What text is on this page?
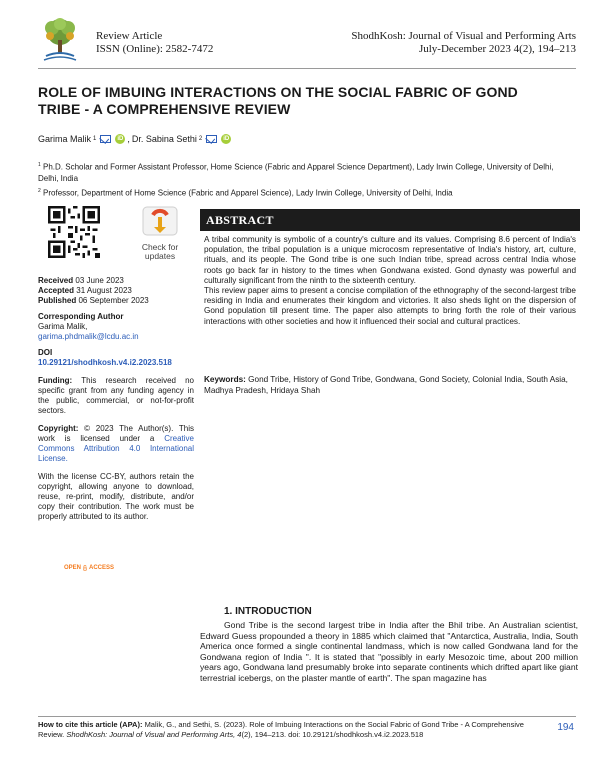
Review Article
ISSN (Online): 2582-7472
ShodhKosh: Journal of Visual and Performing Arts
July-December 2023 4(2), 194–213
ROLE OF IMBUING INTERACTIONS ON THE SOCIAL FABRIC OF GOND TRIBE - A COMPREHENSIVE REVIEW
Garima Malik 1	iD , Dr. Sabina Sethi 2	iD

$^1$ Ph.D. Scholar and Former Assistant Professor, Home Science (Fabric and Apparel Science Department), Lady Irwin College, University of Delhi, Delhi, India

$^2$ Professor, Department of Home Science (Fabric and Apparel Science), Lady Irwin College, University of Delhi, India

Check for
updates
Received 03 June 2023
Accepted 31 August 2023
Published 06 September 2023
Corresponding Author
Garima Malik,
garima.phdmalik@lcdu.ac.in
DOI
10.29121/shodhkosh.v4.i2.2023.518
Funding: This research received no specific grant from any funding agency in the public, commercial, or not-for-profit sectors.
Copyright: © 2023 The Author(s). This work is licensed under a Creative Commons Attribution 4.0 International License.
With the license CC-BY, authors retain the copyright, allowing anyone to download, reuse, re-print, modify, distribute, and/or copy their contribution. The work must be properly attributed to its author.
OPEN ACCESS
ABSTRACT

A tribal community is symbolic of a country's culture and its values. Comprising 8.6 percent of India's population, the tribal population is a unique microcosm representative of India's history, art, culture, rituals, and its people. The Gond tribe is one such Indian tribe, spread across central India whose roots go back far in history to the times when Gondwana existed. Gond dynasty was powerful and culturally significant from the ninth to the sixteenth century.

This review paper aims to present a concise compilation of the ethnography of the second-largest tribe residing in India and enumerates their kingdom and victories. It also sheds light on the dispersion of Gond population till present time. The paper also attempts to bring forth the role of their various interactions with other societies and how it influenced their social and cultural practices.

Keywords: Gond Tribe, History of Gond Tribe, Gondwana, Gond Society, Colonial India, South Asia, Madhya Pradesh, Hridaya Shah
1. INTRODUCTION
Gond Tribe is the second largest tribe in India after the Bhil tribe. An Australian scientist, Edward Guess propounded a theory in 1885 which claimed that "Antarctica, Australia, India, South America once formed a single continental landmass, which is now called Gondwana land for the Gondwana region of India ". It is stated that "possibly in early Mesozoic time, about 200 million years ago, Gondwana land presumably broke into separate continents which drifted apart like giant terrestrial icebergs, on the plaster mantle of earth". The span magazine has
How to cite this article (APA): Malik, G., and Sethi, S. (2023). Role of Imbuing Interactions on the Social Fabric of Gond Tribe - A Comprehensive Review. ShodhKosh: Journal of Visual and Performing Arts, 4(2), 194–213. doi: 10.29121/shodhkosh.v4.i2.2023.518
194
